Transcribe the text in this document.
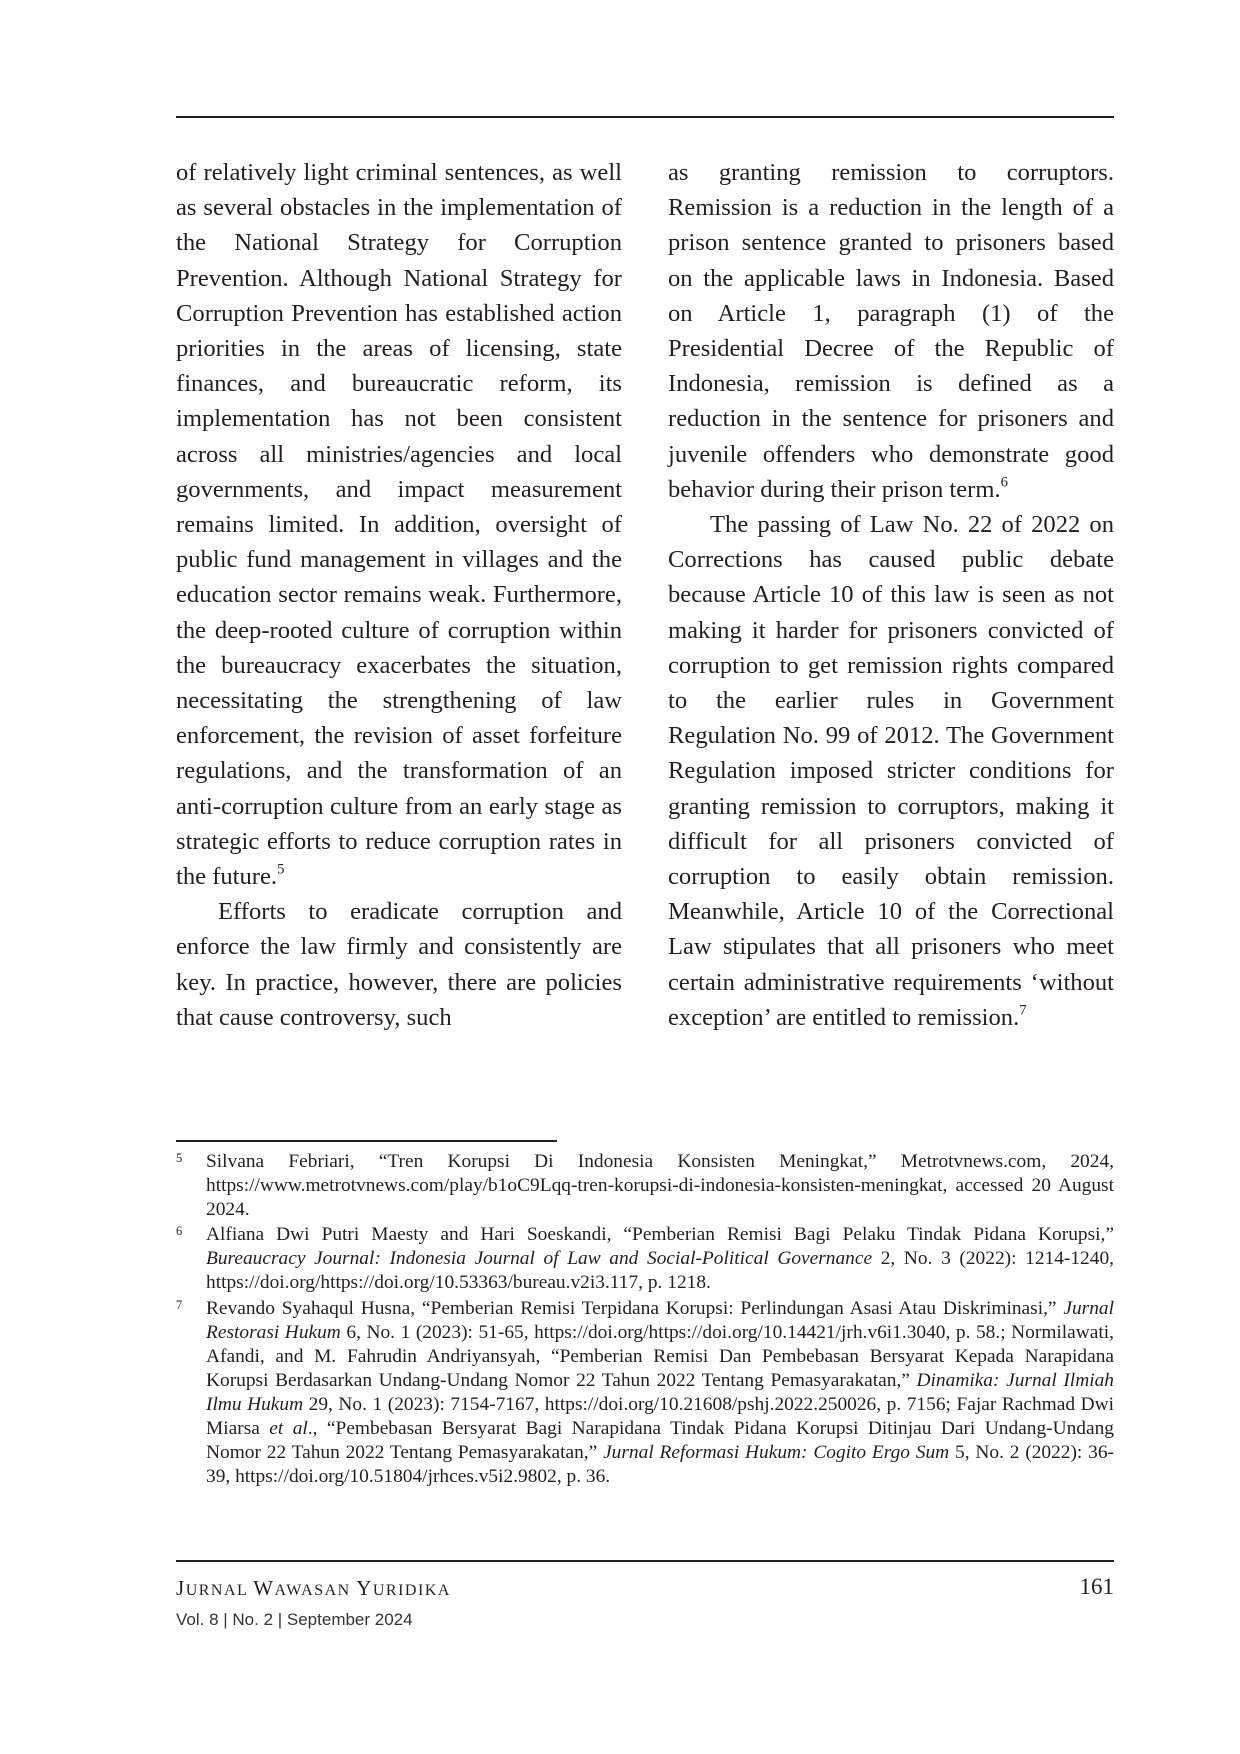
of relatively light criminal sentences, as well as several obstacles in the implementation of the National Strategy for Corruption Prevention. Although National Strategy for Corruption Prevention has established action priorities in the areas of licensing, state finances, and bureaucratic reform, its implementation has not been consistent across all ministries/agencies and local governments, and impact measurement remains limited. In addition, oversight of public fund management in villages and the education sector remains weak. Furthermore, the deep-rooted culture of corruption within the bureaucracy exacerbates the situation, necessitating the strengthening of law enforcement, the revision of asset forfeiture regulations, and the transformation of an anti-corruption culture from an early stage as strategic efforts to reduce corruption rates in the future.$^5$

Efforts to eradicate corruption and enforce the law firmly and consistently are key. In practice, however, there are policies that cause controversy, such

as granting remission to corruptors. Remission is a reduction in the length of a prison sentence granted to prisoners based on the applicable laws in Indonesia. Based on Article 1, paragraph (1) of the Presidential Decree of the Republic of Indonesia, remission is defined as a reduction in the sentence for prisoners and juvenile offenders who demonstrate good behavior during their prison term.$^6$

The passing of Law No. 22 of 2022 on Corrections has caused public debate because Article 10 of this law is seen as not making it harder for prisoners convicted of corruption to get remission rights compared to the earlier rules in Government Regulation No. 99 of 2012. The Government Regulation imposed stricter conditions for granting remission to corruptors, making it difficult for all prisoners convicted of corruption to easily obtain remission. Meanwhile, Article 10 of the Correctional Law stipulates that all prisoners who meet certain administrative requirements ‘without exception’ are entitled to remission.$^7$

5 Silvana Febriari, “Tren Korupsi Di Indonesia Konsisten Meningkat,” Metrotvnews.com, 2024, https://www.metrotvnews.com/play/b1oC9Lqq-tren-korupsi-di-indonesia-konsisten-meningkat, accessed 20 August 2024.
6 Alfiana Dwi Putri Maesty and Hari Soeskandi, “Pemberian Remisi Bagi Pelaku Tindak Pidana Korupsi,” Bureaucracy Journal: Indonesia Journal of Law and Social-Political Governance 2, No. 3 (2022): 1214-1240, https://doi.org/https://doi.org/10.53363/bureau.v2i3.117, p. 1218.
7 Revando Syahaqul Husna, “Pemberian Remisi Terpidana Korupsi: Perlindungan Asasi Atau Diskriminasi,” Jurnal Restorasi Hukum 6, No. 1 (2023): 51-65, https://doi.org/https://doi.org/10.14421/jrh.v6i1.3040, p. 58.; Normilawati, Afandi, and M. Fahrudin Andriyansyah, “Pemberian Remisi Dan Pembebasan Bersyarat Kepada Narapidana Korupsi Berdasarkan Undang-Undang Nomor 22 Tahun 2022 Tentang Pemasyarakatan,” Dinamika: Jurnal Ilmiah Ilmu Hukum 29, No. 1 (2023): 7154-7167, https://doi.org/10.21608/pshj.2022.250026, p. 7156; Fajar Rachmad Dwi Miarsa et al., “Pembebasan Bersyarat Bagi Narapidana Tindak Pidana Korupsi Ditinjau Dari Undang-Undang Nomor 22 Tahun 2022 Tentang Pemasyarakatan,” Jurnal Reformasi Hukum: Cogito Ergo Sum 5, No. 2 (2022): 36-39, https://doi.org/10.51804/jrhces.v5i2.9802, p. 36.
JURNAL WAWASAN YURIDIKA
Vol. 8 | No. 2 | September 2024
161
